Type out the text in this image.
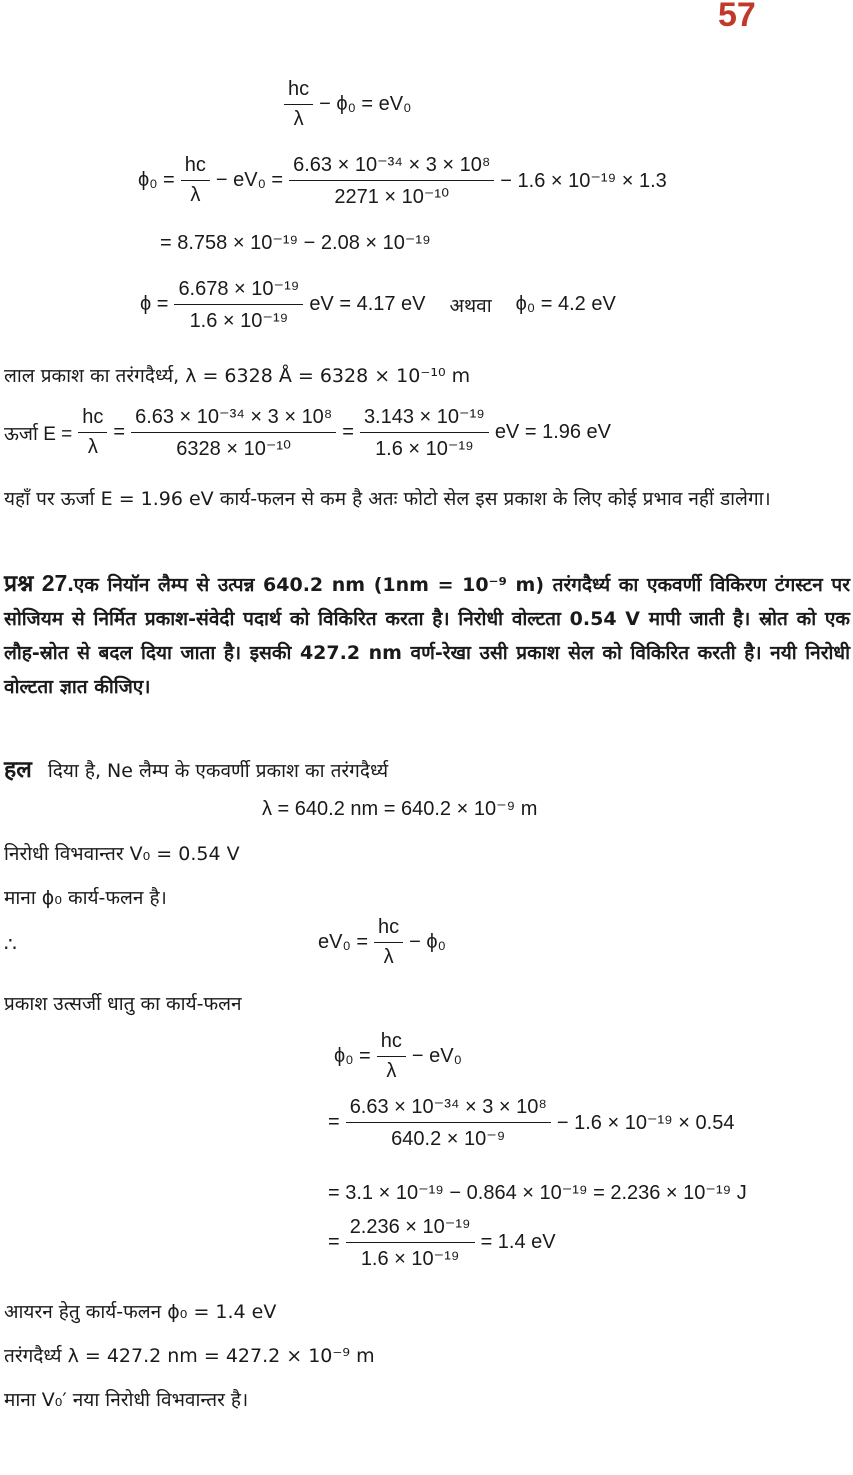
57
$\frac{hc}{\lambda} - \phi_0 = eV_0$
$\phi_0 = \frac{hc}{\lambda} - eV_0 = \frac{\text{6.63 × 10⁻³⁴ × 3 × 10⁸}}{\text{2271 × 10⁻¹⁰}} - 1.6 \times 10^{-19} \times 1.3$
= 8.758 × 10⁻¹⁹ − 2.08 × 10⁻¹⁹
$\phi = \frac{\text{6.678 × 10⁻¹⁹}}{\text{1.6 × 10⁻¹⁹}}$ eV = 4.17 eV अथवा ϕ₀ = 4.2 eV
लाल प्रकाश का तरंगदैर्ध्य, λ = 6328 Å = 6328 × 10⁻¹⁰ m
ऊर्जा $E = \frac{hc}{\lambda} = \frac{\text{6.63 × 10⁻³⁴ × 3 × 10⁸}}{\text{6328 × 10⁻¹⁰}} = \frac{\text{3.143 × 10⁻¹⁹}}{\text{1.6 × 10⁻¹⁹}}$ eV = 1.96 eV
यहाँ पर ऊर्जा E = 1.96 eV कार्य-फलन से कम है अतः फोटो सेल इस प्रकाश के लिए कोई प्रभाव नहीं डालेगा।
प्रश्न 27.एक नियॉन लैम्प से उत्पन्न 640.2 nm (1nm = 10⁻⁹ m) तरंगदैर्ध्य का एकवर्णी विकिरण टंगस्टन पर सोजियम से निर्मित प्रकाश-संवेदी पदार्थ को विकिरित करता है। निरोधी वोल्टता 0.54 V मापी जाती है। स्रोत को एक लौह-स्रोत से बदल दिया जाता है। इसकी 427.2 nm वर्ण-रेखा उसी प्रकाश सेल को विकिरित करती है। नयी निरोधी वोल्टता ज्ञात कीजिए।
हल दिया है, Ne लैम्प के एकवर्णी प्रकाश का तरंगदैर्ध्य
λ = 640.2 nm = 640.2 × 10⁻⁹ m
निरोधी विभवान्तर V₀ = 0.54 V
माना ϕ₀ कार्य-फलन है।
∴	$eV_0 = \frac{hc}{\lambda} - \phi_0$
प्रकाश उत्सर्जी धातु का कार्य-फलन
$\phi_0 = \frac{hc}{\lambda} - eV_0$
= $\frac{\text{6.63 × 10⁻³⁴ × 3 × 10⁸}}{\text{640.2 × 10⁻⁹}} - 1.6 \times 10^{-19} \times 0.54$
= 3.1 × 10⁻¹⁹ − 0.864 × 10⁻¹⁹ = 2.236 × 10⁻¹⁹ J
= $\frac{\text{2.236 × 10⁻¹⁹}}{\text{1.6 × 10⁻¹⁹}} = 1.4$ eV
आयरन हेतु कार्य-फलन ϕ₀ = 1.4 eV
तरंगदैर्ध्य λ = 427.2 nm = 427.2 × 10⁻⁹ m
माना V₀′ नया निरोधी विभवान्तर है।
